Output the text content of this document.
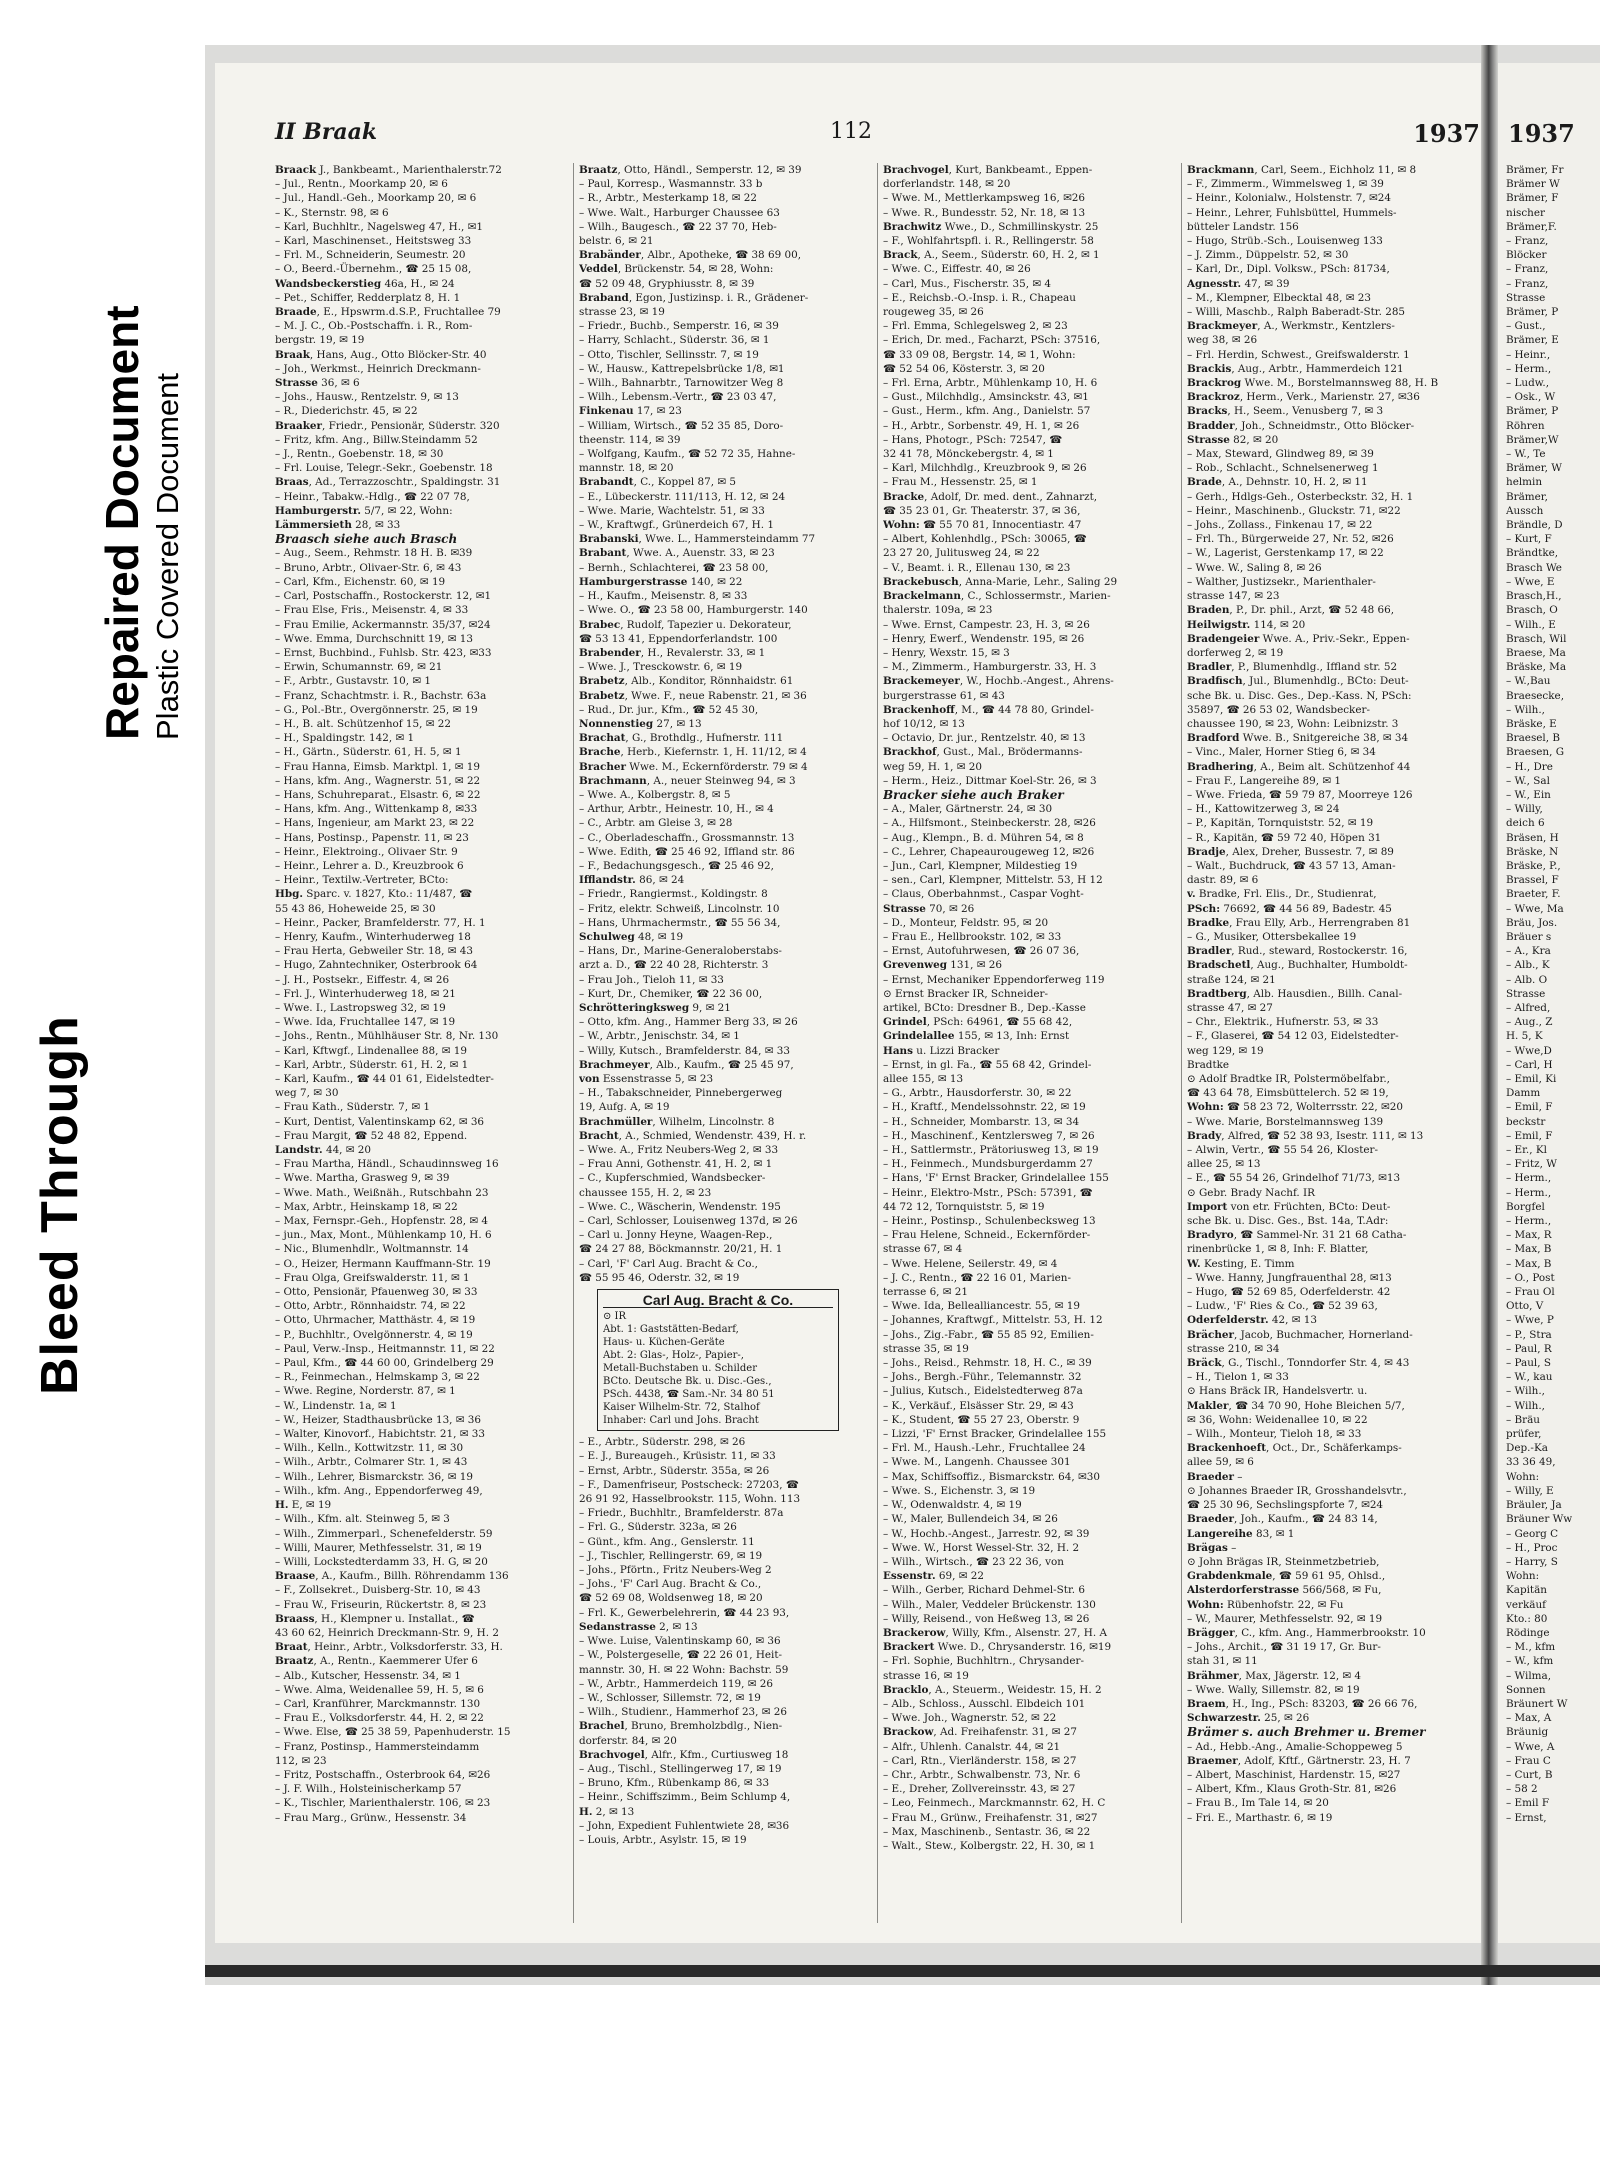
Bleed Through
Repaired Document Plastic Covered Document
II Braak	112	1937
Braack J., Bankbeamt., Marienthalerstr.72
– Jul., Rentn., Moorkamp 20, ✉ 6
– Jul., Handl.-Geh., Moorkamp 20, ✉ 6
– K., Sternstr. 98, ✉ 6
– Karl, Buchhltr., Nagelsweg 47, H., ✉1
– Karl, Maschinenset., Heitstsweg 33
– Frl. M., Schneiderin, Seumestr. 20
– O., Beerd.-Übernehm., ☎ 25 15 08,
Wandsbeckerstieg 46a, H., ✉ 24
– Pet., Schiffer, Redderplatz 8, H. 1
Braade, E., Hpswrm.d.S.P., Fruchtallee 79
– M. J. C., Ob.-Postschaffn. i. R., Rom-
bergstr. 19, ✉ 19
Braak, Hans, Aug., Otto Blöcker-Str. 40
– Joh., Werkmst., Heinrich Dreckmann-
Strasse 36, ✉ 6
– Johs., Hausw., Rentzelstr. 9, ✉ 13
– R., Diederichstr. 45, ✉ 22
Braaker, Friedr., Pensionär, Süderstr. 320
– Fritz, kfm. Ang., Billw.Steindamm 52
– J., Rentn., Goebenstr. 18, ✉ 30
– Frl. Louise, Telegr.-Sekr., Goebenstr. 18
Braas, Ad., Terrazzoschtr., Spaldingstr. 31
– Heinr., Tabakw.-Hdlg., ☎ 22 07 78,
Hamburgerstr. 5/7, ✉ 22, Wohn:
Lämmersieth 28, ✉ 33
Braasch siehe auch Brasch
– Aug., Seem., Rehmstr. 18 H. B. ✉39
– Bruno, Arbtr., Olivaer-Str. 6, ✉ 43
– Carl, Kfm., Eichenstr. 60, ✉ 19
– Carl, Postschaffn., Rostockerstr. 12, ✉1
– Frau Else, Fris., Meisenstr. 4, ✉ 33
– Frau Emilie, Ackermannstr. 35/37, ✉24
– Wwe. Emma, Durchschnitt 19, ✉ 13
– Ernst, Buchbind., Fuhlsb. Str. 423, ✉33
– Erwin, Schumannstr. 69, ✉ 21
– F., Arbtr., Gustavstr. 10, ✉ 1
– Franz, Schachtmstr. i. R., Bachstr. 63a
– G., Pol.-Btr., Overgönnerstr. 25, ✉ 19
– H., B. alt. Schützenhof 15, ✉ 22
– H., Spaldingstr. 142, ✉ 1
– H., Gärtn., Süderstr. 61, H. 5, ✉ 1
– Frau Hanna, Eimsb. Marktpl. 1, ✉ 19
– Hans, kfm. Ang., Wagnerstr. 51, ✉ 22
– Hans, Schuhreparat., Elsastr. 6, ✉ 22
– Hans, kfm. Ang., Wittenkamp 8, ✉33
– Hans, Ingenieur, am Markt 23, ✉ 22
– Hans, Postinsp., Papenstr. 11, ✉ 23
– Heinr., Elektroing., Olivaer Str. 9
– Heinr., Lehrer a. D., Kreuzbrook 6
– Heinr., Textilw.-Vertreter, BCto:
Hbg. Sparc. v. 1827, Kto.: 11/487, ☎
55 43 86, Hoheweide 25, ✉ 30
– Heinr., Packer, Bramfelderstr. 77, H. 1
– Henry, Kaufm., Winterhuderweg 18
– Frau Herta, Gebweiler Str. 18, ✉ 43
– Hugo, Zahntechniker, Osterbrook 64
– J. H., Postsekr., Eiffestr. 4, ✉ 26
– Frl. J., Winterhuderweg 18, ✉ 21
– Wwe. I., Lastropsweg 32, ✉ 19
– Wwe. Ida, Fruchtallee 147, ✉ 19
– Johs., Rentn., Mühlhäuser Str. 8, Nr. 130
– Karl, Kftwgf., Lindenallee 88, ✉ 19
– Karl, Arbtr., Süderstr. 61, H. 2, ✉ 1
– Karl, Kaufm., ☎ 44 01 61, Eidelstedter-
weg 7, ✉ 30
– Frau Kath., Süderstr. 7, ✉ 1
– Kurt, Dentist, Valentinskamp 62, ✉ 36
– Frau Margit, ☎ 52 48 82, Eppend.
Landstr. 44, ✉ 20
– Frau Martha, Händl., Schaudinnsweg 16
– Wwe. Martha, Grasweg 9, ✉ 39
– Wwe. Math., Weißnäh., Rutschbahn 23
– Max, Arbtr., Heinskamp 18, ✉ 22
– Max, Fernspr.-Geh., Hopfenstr. 28, ✉ 4
– jun., Max, Mont., Mühlenkamp 10, H. 6
– Nic., Blumenhdlr., Woltmannstr. 14
– O., Heizer, Hermann Kauffmann-Str. 19
– Frau Olga, Greifswalderstr. 11, ✉ 1
– Otto, Pensionär, Pfauenweg 30, ✉ 33
– Otto, Arbtr., Rönnhaidstr. 74, ✉ 22
– Otto, Uhrmacher, Matthästr. 4, ✉ 19
– P., Buchhltr., Ovelgönnerstr. 4, ✉ 19
– Paul, Verw.-Insp., Heitmannstr. 11, ✉ 22
– Paul, Kfm., ☎ 44 60 00, Grindelberg 29
– R., Feinmechan., Helmskamp 3, ✉ 22
– Wwe. Regine, Norderstr. 87, ✉ 1
– W., Lindenstr. 1a, ✉ 1
– W., Heizer, Stadthausbrücke 13, ✉ 36
– Walter, Kinovorf., Habichtstr. 21, ✉ 33
– Wilh., Kelln., Kottwitzstr. 11, ✉ 30
– Wilh., Arbtr., Colmarer Str. 1, ✉ 43
– Wilh., Lehrer, Bismarckstr. 36, ✉ 19
– Wilh., kfm. Ang., Eppendorferweg 49,
H. E, ✉ 19
– Wilh., Kfm. alt. Steinweg 5, ✉ 3
– Wilh., Zimmerparl., Schenefelderstr. 59
– Willi, Maurer, Methfesselstr. 31, ✉ 19
– Willi, Lockstedterdamm 33, H. G, ✉ 20
Braase, A., Kaufm., Billh. Röhrendamm 136
– F., Zollsekret., Duisberg-Str. 10, ✉ 43
– Frau W., Friseurin, Rückertstr. 8, ✉ 23
Braass, H., Klempner u. Installat., ☎
43 60 62, Heinrich Dreckmann-Str. 9, H. 2
Braat, Heinr., Arbtr., Volksdorferstr. 33, H.
Braatz, A., Rentn., Kaemmerer Ufer 6
– Alb., Kutscher, Hessenstr. 34, ✉ 1
– Wwe. Alma, Weidenallee 59, H. 5, ✉ 6
– Carl, Kranführer, Marckmannstr. 130
– Frau E., Volksdorferstr. 44, H. 2, ✉ 22
– Wwe. Else, ☎ 25 38 59, Papenhuderstr. 15
– Franz, Postinsp., Hammersteindamm
112, ✉ 23
– Fritz, Postschaffn., Osterbrook 64, ✉26
– J. F. Wilh., Holsteinischerkamp 57
– K., Tischler, Marienthalerstr. 106, ✉ 23
– Frau Marg., Grünw., Hessenstr. 34
Braatz, Otto, Händl., Semperstr. 12, ✉ 39
– Paul, Korresp., Wasmannstr. 33 b
– R., Arbtr., Mesterkamp 18, ✉ 22
– Wwe. Walt., Harburger Chaussee 63
– Wilh., Baugesch., ☎ 22 37 70, Heb-
belstr. 6, ✉ 21
Brabänder, Albr., Apotheke, ☎ 38 69 00,
Veddel, Brückenstr. 54, ✉ 28, Wohn:
☎ 52 09 48, Gryphiusstr. 8, ✉ 39
Braband, Egon, Justizinsp. i. R., Grädener-
strasse 23, ✉ 19
– Friedr., Buchb., Semperstr. 16, ✉ 39
– Harry, Schlacht., Süderstr. 36, ✉ 1
– Otto, Tischler, Sellinsstr. 7, ✉ 19
– W., Hausw., Kattrepelsbrücke 1/8, ✉1
– Wilh., Bahnarbtr., Tarnowitzer Weg 8
– Wilh., Lebensm.-Vertr., ☎ 23 03 47,
Finkenau 17, ✉ 23
– William, Wirtsch., ☎ 52 35 85, Doro-
theenstr. 114, ✉ 39
– Wolfgang, Kaufm., ☎ 52 72 35, Hahne-
mannstr. 18, ✉ 20
Brabandt, C., Koppel 87, ✉ 5
– E., Lübeckerstr. 111/113, H. 12, ✉ 24
– Wwe. Marie, Wachtelstr. 51, ✉ 33
– W., Kraftwgf., Grünerdeich 67, H. 1
Brabanski, Wwe. L., Hammersteindamm 77
Brabant, Wwe. A., Auenstr. 33, ✉ 23
– Bernh., Schlachterei, ☎ 23 58 00,
Hamburgerstrasse 140, ✉ 22
– H., Kaufm., Meisenstr. 8, ✉ 33
– Wwe. O., ☎ 23 58 00, Hamburgerstr. 140
Brabec, Rudolf, Tapezier u. Dekorateur,
☎ 53 13 41, Eppendorferlandstr. 100
Brabender, H., Revalerstr. 33, ✉ 1
– Wwe. J., Tresckowstr. 6, ✉ 19
Brabetz, Alb., Konditor, Rönnhaidstr. 61
Brabetz, Wwe. F., neue Rabenstr. 21, ✉ 36
– Rud., Dr. jur., Kfm., ☎ 52 45 30,
Nonnenstieg 27, ✉ 13
Brachat, G., Brothdlg., Hufnerstr. 111
Brache, Herb., Kiefernstr. 1, H. 11/12, ✉ 4
Bracher Wwe. M., Eckernförderstr. 79 ✉ 4
Brachmann, A., neuer Steinweg 94, ✉ 3
– Wwe. A., Kolbergstr. 8, ✉ 5
– Arthur, Arbtr., Heinestr. 10, H., ✉ 4
– C., Arbtr. am Gleise 3, ✉ 28
– C., Oberladeschaffn., Grossmannstr. 13
– Wwe. Edith, ☎ 25 46 92, Iffland str. 86
– F., Bedachungsgesch., ☎ 25 46 92,
Ifflandstr. 86, ✉ 24
– Friedr., Rangiermst., Koldingstr. 8
– Fritz, elektr. Schweiß, Lincolnstr. 10
– Hans, Uhrmachermstr., ☎ 55 56 34,
Schulweg 48, ✉ 19
– Hans, Dr., Marine-Generaloberstabs-
arzt a. D., ☎ 22 40 28, Richterstr. 3
– Frau Joh., Tieloh 11, ✉ 33
– Kurt, Dr., Chemiker, ☎ 22 36 00,
Schrötteringksweg 9, ✉ 21
– Otto, kfm. Ang., Hammer Berg 33, ✉ 26
– W., Arbtr., Jenischstr. 34, ✉ 1
– Willy, Kutsch., Bramfelderstr. 84, ✉ 33
Brachmeyer, Alb., Kaufm., ☎ 25 45 97,
von Essenstrasse 5, ✉ 23
– H., Tabakschneider, Pinnebergerweg
19, Aufg. A, ✉ 19
Brachmüller, Wilhelm, Lincolnstr. 8
Bracht, A., Schmied, Wendenstr. 439, H. r.
– Wwe. A., Fritz Neubers-Weg 2, ✉ 33
– Frau Anni, Gothenstr. 41, H. 2, ✉ 1
– C., Kupferschmied, Wandsbecker-
chaussee 155, H. 2, ✉ 23
– Wwe. C., Wäscherin, Wendenstr. 195
– Carl, Schlosser, Louisenweg 137d, ✉ 26
– Carl u. Jonny Heyne, Waagen-Rep.,
☎ 24 27 88, Böckmannstr. 20/21, H. 1
– Carl, 'F' Carl Aug. Bracht & Co.,
☎ 55 95 46, Oderstr. 32, ✉ 19
Carl Aug. Bracht & Co.
⊙ IR
Abt. 1: Gaststätten-Bedarf,
Haus- u. Küchen-Geräte
Abt. 2: Glas-, Holz-, Papier-,
Metall-Buchstaben u. Schilder
BCto. Deutsche Bk. u. Disc.-Ges.,
PSch. 4438, ☎ Sam.-Nr. 34 80 51
Kaiser Wilhelm-Str. 72, Stalhof
Inhaber: Carl und Johs. Bracht
– E., Arbtr., Süderstr. 298, ✉ 26
– E. J., Bureaugeh., Krüsistr. 11, ✉ 33
– Ernst, Arbtr., Süderstr. 355a, ✉ 26
– F., Damenfriseur, Postscheck: 27203, ☎
26 91 92, Hasselbrookstr. 115, Wohn. 113
– Friedr., Buchhltr., Bramfelderstr. 87a
– Frl. G., Süderstr. 323a, ✉ 26
– Günt., kfm. Ang., Genslerstr. 11
– J., Tischler, Rellingerstr. 69, ✉ 19
– Johs., Pförtn., Fritz Neubers-Weg 2
– Johs., 'F' Carl Aug. Bracht & Co.,
☎ 52 69 08, Woldsenweg 18, ✉ 20
– Frl. K., Gewerbelehrerin, ☎ 44 23 93,
Sedanstrasse 2, ✉ 13
– Wwe. Luise, Valentinskamp 60, ✉ 36
– W., Polstergeselle, ☎ 22 26 01, Heit-
mannstr. 30, H. ✉ 22 Wohn: Bachstr. 59
– W., Arbtr., Hammerdeich 119, ✉ 26
– W., Schlosser, Sillemstr. 72, ✉ 19
– Wilh., Studienr., Hammerhof 23, ✉ 26
Brachel, Bruno, Bremholzbdlg., Nien-
dorferstr. 84, ✉ 20
Brachvogel, Alfr., Kfm., Curtiusweg 18
– Aug., Tischl., Stellingerweg 17, ✉ 19
– Bruno, Kfm., Rübenkamp 86, ✉ 33
– Heinr., Schiffszimm., Beim Schlump 4,
H. 2, ✉ 13
– John, Expedient Fuhlentwiete 28, ✉36
– Louis, Arbtr., Asylstr. 15, ✉ 19
Brachvogel, Kurt, Bankbeamt., Eppen-
dorferlandstr. 148, ✉ 20
– Wwe. M., Mettlerkampsweg 16, ✉26
– Wwe. R., Bundesstr. 52, Nr. 18, ✉ 13
Brachwitz Wwe., D., Schmillinskystr. 25
– F., Wohlfahrtspfl. i. R., Rellingerstr. 58
Brack, A., Seem., Süderstr. 60, H. 2, ✉ 1
– Wwe. C., Eiffestr. 40, ✉ 26
– Carl, Mus., Fischerstr. 35, ✉ 4
– E., Reichsb.-O.-Insp. i. R., Chapeau
rougeweg 35, ✉ 26
– Frl. Emma, Schlegelsweg 2, ✉ 23
– Erich, Dr. med., Facharzt, PSch: 37516,
☎ 33 09 08, Bergstr. 14, ✉ 1, Wohn:
☎ 52 54 06, Kösterstr. 3, ✉ 20
– Frl. Erna, Arbtr., Mühlenkamp 10, H. 6
– Gust., Milchhdlg., Amsinckstr. 43, ✉1
– Gust., Herm., kfm. Ang., Danielstr. 57
– H., Arbtr., Sorbenstr. 49, H. 1, ✉ 26
– Hans, Photogr., PSch: 72547, ☎
32 41 78, Mönckebergstr. 4, ✉ 1
– Karl, Milchhdlg., Kreuzbrook 9, ✉ 26
– Frau M., Hessenstr. 25, ✉ 1
Bracke, Adolf, Dr. med. dent., Zahnarzt,
☎ 35 23 01, Gr. Theaterstr. 37, ✉ 36,
Wohn: ☎ 55 70 81, Innocentiastr. 47
– Albert, Kohlenhdlg., PSch: 30065, ☎
23 27 20, Julitusweg 24, ✉ 22
– V., Beamt. i. R., Ellenau 130, ✉ 23
Brackebusch, Anna-Marie, Lehr., Saling 29
Brackelmann, C., Schlossermstr., Marien-
thalerstr. 109a, ✉ 23
– Wwe. Ernst, Campestr. 23, H. 3, ✉ 26
– Henry, Ewerf., Wendenstr. 195, ✉ 26
– Henry, Wexstr. 15, ✉ 3
– M., Zimmerm., Hamburgerstr. 33, H. 3
Brackemeyer, W., Hochb.-Angest., Ahrens-
burgerstrasse 61, ✉ 43
Brackenhoff, M., ☎ 44 78 80, Grindel-
hof 10/12, ✉ 13
– Octavio, Dr. jur., Rentzelstr. 40, ✉ 13
Brackhof, Gust., Mal., Brödermanns-
weg 59, H. 1, ✉ 20
– Herm., Heiz., Dittmar Koel-Str. 26, ✉ 3
Bracker siehe auch Braker
– A., Maler, Gärtnerstr. 24, ✉ 30
– A., Hilfsmont., Steinbeckerstr. 28, ✉26
– Aug., Klempn., B. d. Mühren 54, ✉ 8
– C., Lehrer, Chapeaurougeweg 12, ✉26
– Jun., Carl, Klempner, Mildestieg 19
– sen., Carl, Klempner, Mittelstr. 53, H 12
– Claus, Oberbahnmst., Caspar Voght-
Strasse 70, ✉ 26
– D., Monteur, Feldstr. 95, ✉ 20
– Frau E., Hellbrookstr. 102, ✉ 33
– Ernst, Autofuhrwesen, ☎ 26 07 36,
Grevenweg 131, ✉ 26
– Ernst, Mechaniker Eppendorferweg 119
⊙ Ernst Bracker IR, Schneider-
artikel, BCto: Dresdner B., Dep.-Kasse
Grindel, PSch: 64961, ☎ 55 68 42,
Grindelallee 155, ✉ 13, Inh: Ernst
Hans u. Lizzi Bracker
– Ernst, in gl. Fa., ☎ 55 68 42, Grindel-
allee 155, ✉ 13
– G., Arbtr., Hausdorferstr. 30, ✉ 22
– H., Kraftf., Mendelssohnstr. 22, ✉ 19
– H., Schneider, Mombarstr. 13, ✉ 34
– H., Maschinenf., Kentzlersweg 7, ✉ 26
– H., Sattlermstr., Prätoriusweg 13, ✉ 19
– H., Feinmech., Mundsburgerdamm 27
– Hans, 'F' Ernst Bracker, Grindelallee 155
– Heinr., Elektro-Mstr., PSch: 57391, ☎
44 72 12, Tornquiststr. 5, ✉ 19
– Heinr., Postinsp., Schulenbecksweg 13
– Frau Helene, Schneid., Eckernförder-
strasse 67, ✉ 4
– Wwe. Helene, Seilerstr. 49, ✉ 4
– J. C., Rentn., ☎ 22 16 01, Marien-
terrasse 6, ✉ 21
– Wwe. Ida, Bellealliancestr. 55, ✉ 19
– Johannes, Kraftwgf., Mittelstr. 53, H. 12
– Johs., Zig.-Fabr., ☎ 55 85 92, Emilien-
strasse 35, ✉ 19
– Johs., Reisd., Rehmstr. 18, H. C., ✉ 39
– Johs., Bergh.-Führ., Telemannstr. 32
– Julius, Kutsch., Eidelstedterweg 87a
– K., Verkäuf., Elsässer Str. 29, ✉ 43
– K., Student, ☎ 55 27 23, Oberstr. 9
– Lizzi, 'F' Ernst Bracker, Grindelallee 155
– Frl. M., Haush.-Lehr., Fruchtallee 24
– Wwe. M., Langenh. Chaussee 301
– Max, Schiffsoffiz., Bismarckstr. 64, ✉30
– Wwe. S., Eichenstr. 3, ✉ 19
– W., Odenwaldstr. 4, ✉ 19
– W., Maler, Bullendeich 34, ✉ 26
– W., Hochb.-Angest., Jarrestr. 92, ✉ 39
– Wwe. W., Horst Wessel-Str. 32, H. 2
– Wilh., Wirtsch., ☎ 23 22 36, von
Essenstr. 69, ✉ 22
– Wilh., Gerber, Richard Dehmel-Str. 6
– Wilh., Maler, Veddeler Brückenstr. 130
– Willy, Reisend., von Heßweg 13, ✉ 26
Brackerow, Willy, Kfm., Alsenstr. 27, H. A
Brackert Wwe. D., Chrysanderstr. 16, ✉19
– Frl. Sophie, Buchhltrn., Chrysander-
strasse 16, ✉ 19
Bracklo, A., Steuerm., Weidestr. 15, H. 2
– Alb., Schloss., Ausschl. Elbdeich 101
– Wwe. Joh., Wagnerstr. 52, ✉ 22
Brackow, Ad. Freihafenstr. 31, ✉ 27
– Alfr., Uhlenh. Canalstr. 44, ✉ 21
– Carl, Rtn., Vierländerstr. 158, ✉ 27
– Chr., Arbtr., Schwalbenstr. 73, Nr. 6
– E., Dreher, Zollvereinsstr. 43, ✉ 27
– Leo, Feinmech., Marckmannstr. 62, H. C
– Frau M., Grünw., Freihafenstr. 31, ✉27
– Max, Maschinenb., Sentastr. 36, ✉ 22
– Walt., Stew., Kolbergstr. 22, H. 30, ✉ 1
Brackmann, Carl, Seem., Eichholz 11, ✉ 8
– F., Zimmerm., Wimmelsweg 1, ✉ 39
– Heinr., Kolonialw., Holstenstr. 7, ✉24
– Heinr., Lehrer, Fuhlsbüttel, Hummels-
bütteler Landstr. 156
– Hugo, Strüb.-Sch., Louisenweg 133
– J. Zimm., Düppelstr. 52, ✉ 30
– Karl, Dr., Dipl. Volksw., PSch: 81734,
Agnesstr. 47, ✉ 39
– M., Klempner, Elbecktal 48, ✉ 23
– Willi, Maschb., Ralph Baberadt-Str. 285
Brackmeyer, A., Werkmstr., Kentzlers-
weg 38, ✉ 26
– Frl. Herdin, Schwest., Greifswalderstr. 1
Brackis, Aug., Arbtr., Hammerdeich 121
Brackrog Wwe. M., Borstelmannsweg 88, H. B
Brackroz, Herm., Verk., Marienstr. 27, ✉36
Bracks, H., Seem., Venusberg 7, ✉ 3
Bradder, Joh., Schneidmstr., Otto Blöcker-
Strasse 82, ✉ 20
– Max, Steward, Glindweg 89, ✉ 39
– Rob., Schlacht., Schnelsenerweg 1
Brade, A., Dehnstr. 10, H. 2, ✉ 11
– Gerh., Hdlgs-Geh., Osterbeckstr. 32, H. 1
– Heinr., Maschinenb., Gluckstr. 71, ✉22
– Johs., Zollass., Finkenau 17, ✉ 22
– Frl. Th., Bürgerweide 27, Nr. 52, ✉26
– W., Lagerist, Gerstenkamp 17, ✉ 22
– Wwe. W., Saling 8, ✉ 26
– Walther, Justizsekr., Marienthaler-
strasse 147, ✉ 23
Braden, P., Dr. phil., Arzt, ☎ 52 48 66,
Heilwigstr. 114, ✉ 20
Bradengeier Wwe. A., Priv.-Sekr., Eppen-
dorferweg 2, ✉ 19
Bradler, P., Blumenhdlg., Iffland str. 52
Bradfisch, Jul., Blumenhdlg., BCto: Deut-
sche Bk. u. Disc. Ges., Dep.-Kass. N, PSch:
35897, ☎ 26 53 02, Wandsbecker-
chaussee 190, ✉ 23, Wohn: Leibnizstr. 3
Bradford Wwe. B., Snitgereiche 38, ✉ 34
– Vinc., Maler, Horner Stieg 6, ✉ 34
Bradhering, A., Beim alt. Schützenhof 44
– Frau F., Langereihe 89, ✉ 1
– Wwe. Frieda, ☎ 59 79 87, Moorreye 126
– H., Kattowitzerweg 3, ✉ 24
– P., Kapitän, Tornquiststr. 52, ✉ 19
– R., Kapitän, ☎ 59 72 40, Höpen 31
Bradje, Alex, Dreher, Bussestr. 7, ✉ 89
– Walt., Buchdruck, ☎ 43 57 13, Aman-
dastr. 89, ✉ 6
v. Bradke, Frl. Elis., Dr., Studienrat,
PSch: 76692, ☎ 44 56 89, Badestr. 45
Bradke, Frau Elly, Arb., Herrengraben 81
– G., Musiker, Ottersbekallee 19
Bradler, Rud., steward, Rostockerstr. 16,
Bradschetl, Aug., Buchhalter, Humboldt-
straße 124, ✉ 21
Bradtberg, Alb. Hausdien., Billh. Canal-
strasse 47, ✉ 27
– Chr., Elektrik., Hufnerstr. 53, ✉ 33
– F., Glaserei, ☎ 54 12 03, Eidelstedter-
weg 129, ✉ 19
Bradtke
⊙ Adolf Bradtke IR, Polstermöbelfabr.,
☎ 43 64 78, Eimsbüttelerch. 52 ✉ 19,
Wohn: ☎ 58 23 72, Wolterrsstr. 22, ✉20
– Wwe. Marie, Borstelmannsweg 139
Brady, Alfred, ☎ 52 38 93, Isestr. 111, ✉ 13
– Alwin, Vertr., ☎ 55 54 26, Kloster-
allee 25, ✉ 13
– E., ☎ 55 54 26, Grindelhof 71/73, ✉13
⊙ Gebr. Brady Nachf. IR
Import von etr. Früchten, BCto: Deut-
sche Bk. u. Disc. Ges., Bst. 14a, T.Adr:
Bradyro, ☎ Sammel-Nr. 31 21 68 Catha-
rinenbrücke 1, ✉ 8, Inh: F. Blatter,
W. Kesting, E. Timm
– Wwe. Hanny, Jungfrauenthal 28, ✉13
– Hugo, ☎ 52 69 85, Oderfelderstr. 42
– Ludw., 'F' Ries & Co., ☎ 52 39 63,
Oderfelderstr. 42, ✉ 13
Brächer, Jacob, Buchmacher, Hornerland-
strasse 210, ✉ 34
Bräck, G., Tischl., Tonndorfer Str. 4, ✉ 43
– H., Tielon 1, ✉ 33
⊙ Hans Bräck IR, Handelsvertr. u.
Makler, ☎ 34 70 90, Hohe Bleichen 5/7,
✉ 36, Wohn: Weidenallee 10, ✉ 22
– Wilh., Monteur, Tieloh 18, ✉ 33
Brackenhoeft, Oct., Dr., Schäferkamps-
allee 59, ✉ 6
Braeder –
⊙ Johannes Braeder IR, Grosshandelsvtr.,
☎ 25 30 96, Sechslingspforte 7, ✉24
Braeder, Joh., Kaufm., ☎ 24 83 14,
Langereihe 83, ✉ 1
Brägas –
⊙ John Brägas IR, Steinmetzbetrieb,
Grabdenkmale, ☎ 59 61 95, Ohlsd.,
Alsterdorferstrasse 566/568, ✉ Fu,
Wohn: Rübenhofstr. 22, ✉ Fu
– W., Maurer, Methfesselstr. 92, ✉ 19
Brägger, C., kfm. Ang., Hammerbrookstr. 10
– Johs., Archit., ☎ 31 19 17, Gr. Bur-
stah 31, ✉ 11
Brähmer, Max, Jägerstr. 12, ✉ 4
– Wwe. Wally, Sillemstr. 82, ✉ 19
Braem, H., Ing., PSch: 83203, ☎ 26 66 76,
Schwarzestr. 25, ✉ 26
Brämer s. auch Brehmer u. Bremer
– Ad., Hebb.-Ang., Amalie-Schoppeweg 5
Braemer, Adolf, Kftf., Gärtnerstr. 23, H. 7
– Albert, Maschinist, Hardenstr. 15, ✉27
– Albert, Kfm., Klaus Groth-Str. 81, ✉26
– Frau B., Im Tale 14, ✉ 20
– Fri. E., Marthastr. 6, ✉ 19
1937
Brämer, Fr
Brämer W
Brämer, F
nischer
Brämer,F.
– Franz,
Blöcker
– Franz,
– Franz,
Strasse
Brämer, P
– Gust.,
Brämer, E
– Heinr.,
– Herm.,
– Ludw.,
– Osk., W
Brämer, P
Röhren
Brämer,W
– W., Te
Brämer, W
helmin
Brämer,
Aussch
Brändle, D
– Kurt, F
Brändtke,
Brasch We
– Wwe, E
Brasch,H.,
Brasch, O
– Wilh., E
Brasch, Wil
Braese, Ma
Bräske, Ma
– W.,Bau
Braesecke,
– Wilh.,
Bräske, E
Braesel, B
Braesen, G
– H., Dre
– W., Sal
– W., Ein
– Willy,
deich 6
Bräsen, H
Bräske, N
Bräske, P.,
Brassel, F
Braeter, F.
– Wwe, Ma
Bräu, Jos.
Bräuer s
– A., Kra
– Alb., K
– Alb. O
Strasse
– Alfred,
– Aug., Z
H. 5, K
– Wwe,D
– Carl, H
– Emil, Ki
Damm
– Emil, F
beckstr
– Emil, F
– Er., Kl
– Fritz, W
– Herm.,
– Herm.,
Borgfel
– Herm.,
– Max, R
– Max, B
– Max, B
– O., Post
– Frau Ol
Otto, V
– Wwe, P
– P., Stra
– Paul, R
– Paul, S
– W., kau
– Wilh.,
– Wilh.,
– Bräu
prüfer,
Dep.-Ka
33 36 49,
Wohn:
– Willy, E
Bräuler, Ja
Bräuner Ww
– Georg C
– H., Proc
– Harry, S
Wohn:
Kapitän
verkäuf
Kto.: 80
Rödinge
– M., kfm
– W., kfm
– Wilma,
Sonnen
Bräunert W
– Max, A
Bräunig
– Wwe, A
– Frau C
– Curt, B
– 58 2
– Emil F
– Ernst,
